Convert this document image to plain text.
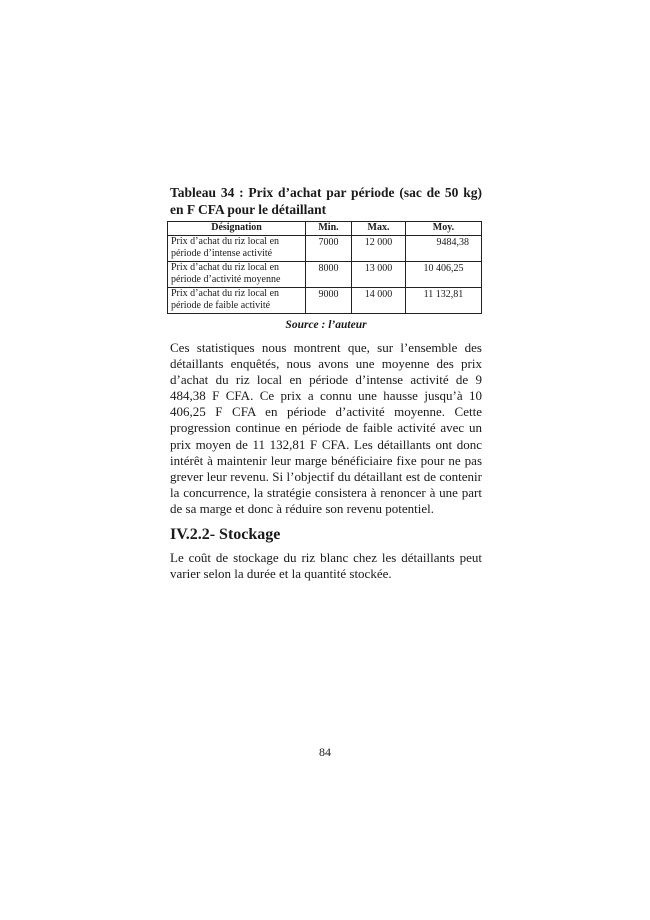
Tableau 34 : Prix d’achat par période (sac de 50 kg) en F CFA pour le détaillant
Désignation	Min.	Max.	Moy.

Prix d’achat du riz local en
période d’intense activité	7000	12 000	9484,38

Prix d’achat du riz local en
période d’activité moyenne	8000	13 000	10 406,25

Prix d’achat du riz local en
période de faible activité	9000	14 000	11 132,81
Source : l’auteur

Ces statistiques nous montrent que, sur l’ensemble des détaillants enquêtés, nous avons une moyenne des prix d’achat du riz local en période d’intense activité de 9 484,38 F CFA. Ce prix a connu une hausse jusqu’à 10 406,25 F CFA en période d’activité moyenne. Cette progression continue en période de faible activité avec un prix moyen de 11 132,81 F CFA. Les détaillants ont donc intérêt à maintenir leur marge bénéficiaire fixe pour ne pas grever leur revenu. Si l’objectif du détaillant est de contenir la concurrence, la stratégie consistera à renoncer à une part de sa marge et donc à réduire son revenu potentiel.

IV.2.2- Stockage

Le coût de stockage du riz blanc chez les détaillants peut varier selon la durée et la quantité stockée.

84
